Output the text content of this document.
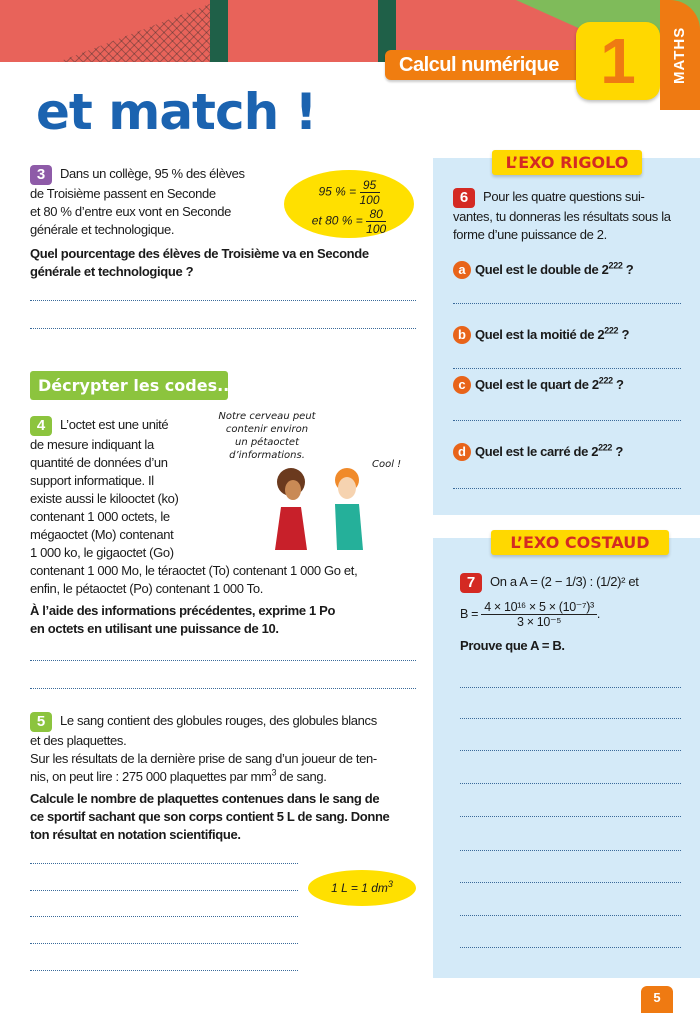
Calcul numérique 1	MATHS
et match !
3 Dans un collège, 95 % des élèves
de Troisième passent en Seconde
et 80 % d’entre eux vont en Seconde
générale et technologique.
95 % = $\frac{95}{100}$
et 80 % = $\frac{80}{100}$
Quel pourcentage des élèves de Troisième va en Seconde
générale et technologique ?
Décrypter les codes...
4 L’octet est une unité
de mesure indiquant la
quantité de données d’un
support informatique. Il
existe aussi le kilooctet (ko)
contenant 1 000 octets, le
mégaoctet (Mo) contenant
1 000 ko, le gigaoctet (Go)
contenant 1 000 Mo, le téraoctet (To) contenant 1 000 Go et,
enfin, le pétaoctet (Po) contenant 1 000 To.
À l’aide des informations précédentes, exprime 1 Po
en octets en utilisant une puissance de 10.
Notre cerveau peut
contenir environ
un pétaoctet
d’informations.
Cool !
5 Le sang contient des globules rouges, des globules blancs
et des plaquettes.
Sur les résultats de la dernière prise de sang d’un joueur de ten-
nis, on peut lire : 275 000 plaquettes par $mm^3$ de sang.
Calcule le nombre de plaquettes contenues dans le sang de
ce sportif sachant que son corps contient 5 L de sang. Donne
ton résultat en notation scientifique.
1 L = 1 $dm^3$
L’EXO RIGOLO
6 Pour les quatre questions sui-
vantes, tu donneras les résultats sous la
forme d’une puissance de 2.
a Quel est le double de $2^{222}$ ?
b Quel est la moitié de $2^{222}$ ?
c Quel est le quart de $2^{222}$ ?
d Quel est le carré de $2^{222}$ ?
L’EXO COSTAUD
7 On a A = (2 − 1/3) : (1/2)² et
$B = \frac{\text{4 × 10¹⁶ × 5 × (10⁻⁷)³}}{\text{3 × 10⁻⁵}}$ .
Prouve que A = B.
5
